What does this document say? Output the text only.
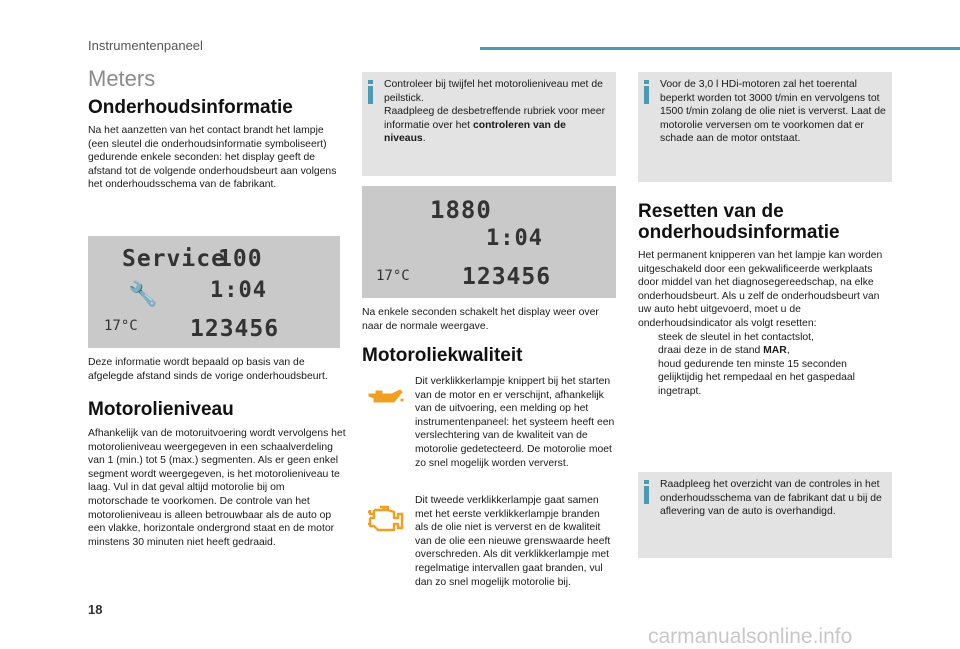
Instrumentenpaneel
Meters
Onderhoudsinformatie
Na het aanzetten van het contact brandt het lampje (een sleutel die onderhoudsinformatie symboliseert) gedurende enkele seconden: het display geeft de afstand tot de volgende onderhoudsbeurt aan volgens het onderhoudsschema van de fabrikant.
Service
100
🔧 1:04
17°C 123456
Deze informatie wordt bepaald op basis van de afgelegde afstand sinds de vorige onderhoudsbeurt.
Motorolieniveau
Afhankelijk van de motoruitvoering wordt vervolgens het motorolieniveau weergegeven in een schaalverdeling van 1 (min.) tot 5 (max.) segmenten. Als er geen enkel segment wordt weergegeven, is het motorolieniveau te laag. Vul in dat geval altijd motorolie bij om motorschade te voorkomen. De controle van het motorolieniveau is alleen betrouwbaar als de auto op een vlakke, horizontale ondergrond staat en de motor minstens 30 minuten niet heeft gedraaid.

Controleer bij twijfel het motorolieniveau met de peilstick.

Raadpleeg de desbetreffende rubriek voor meer informatie over het controleren van de niveaus.

1880
1:04
17°C 123456
Na enkele seconden schakelt het display weer over naar de normale weergave.
Motoroliekwaliteit
Dit verklikkerlampje knippert bij het starten van de motor en er verschijnt, afhankelijk van de uitvoering, een melding op het instrumentenpaneel: het systeem heeft een verslechtering van de kwaliteit van de motorolie gedetecteerd. De motorolie moet zo snel mogelijk worden ververst.
Dit tweede verklikkerlampje gaat samen met het eerste verklikkerlampje branden als de olie niet is ververst en de kwaliteit van de olie een nieuwe grenswaarde heeft overschreden. Als dit verklikkerlampje met regelmatige intervallen gaat branden, vul dan zo snel mogelijk motorolie bij.
Voor de 3,0 l HDi-motoren zal het toerental beperkt worden tot 3000 t/min en vervolgens tot 1500 t/min zolang de olie niet is ververst. Laat de motorolie verversen om te voorkomen dat er schade aan de motor ontstaat.
Resetten van de onderhoudsinformatie

Het permanent knipperen van het lampje kan worden uitgeschakeld door een gekwalificeerde werkplaats door middel van het diagnosegereedschap, na elke onderhoudsbeurt. Als u zelf de onderhoudsbeurt van uw auto hebt uitgevoerd, moet u de onderhoudsindicator als volgt resetten:

steek de sleutel in het contactslot,
draai deze in de stand MAR,
houd gedurende ten minste 15 seconden gelijktijdig het rempedaal en het gaspedaal ingetrapt.
Raadpleeg het overzicht van de controles in het onderhoudsschema van de fabrikant dat u bij de aflevering van de auto is overhandigd.
18
carmanualsonline.info
